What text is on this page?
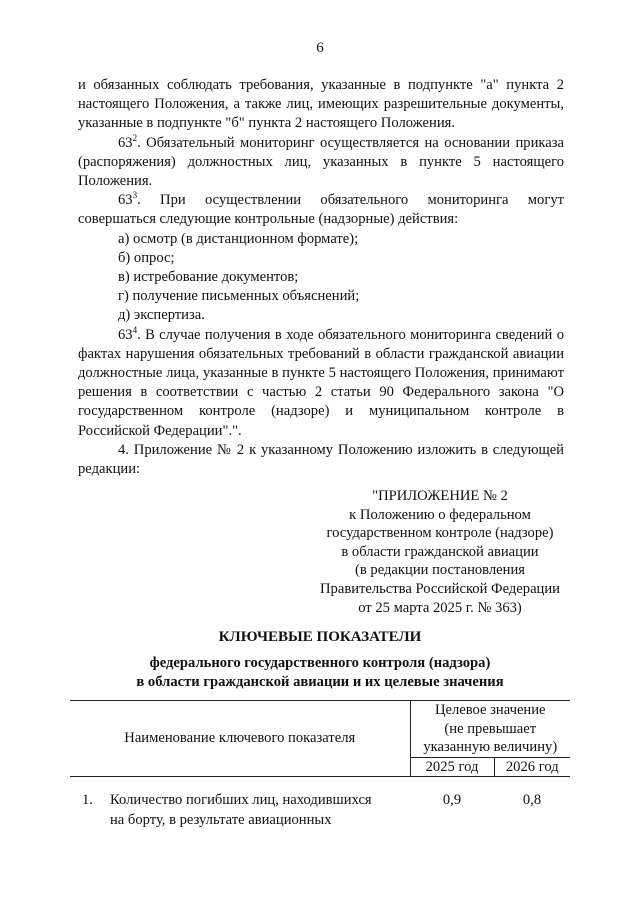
6

и обязанных соблюдать требования, указанные в подпункте "а" пункта 2 настоящего Положения, а также лиц, имеющих разрешительные документы, указанные в подпункте "б" пункта 2 настоящего Положения.

$63^2$. Обязательный мониторинг осуществляется на основании приказа (распоряжения) должностных лиц, указанных в пункте 5 настоящего Положения.

$63^3$. При осуществлении обязательного мониторинга могут совершаться следующие контрольные (надзорные) действия:

а) осмотр (в дистанционном формате);
б) опрос;
в) истребование документов;
г) получение письменных объяснений;
д) экспертиза.

$63^4$. В случае получения в ходе обязательного мониторинга сведений о фактах нарушения обязательных требований в области гражданской авиации должностные лица, указанные в пункте 5 настоящего Положения, принимают решения в соответствии с частью 2 статьи 90 Федерального закона "О государственном контроле (надзоре) и муниципальном контроле в Российской Федерации".".

4. Приложение № 2 к указанному Положению изложить в следующей редакции:

"ПРИЛОЖЕНИЕ № 2
к Положению о федеральном
государственном контроле (надзоре)
в области гражданской авиации
(в редакции постановления
Правительства Российской Федерации
от 25 марта 2025 г. № 363)
КЛЮЧЕВЫЕ ПОКАЗАТЕЛИ
федерального государственного контроля (надзора)
в области гражданской авиации и их целевые значения
Наименование ключевого показателя		Целевое значение
(не превышает
указанную величину)	

		2025 год	2026 год

1.	Количество погибших лиц, находившихся
на борту, в результате авиационных	0,9	0,8
